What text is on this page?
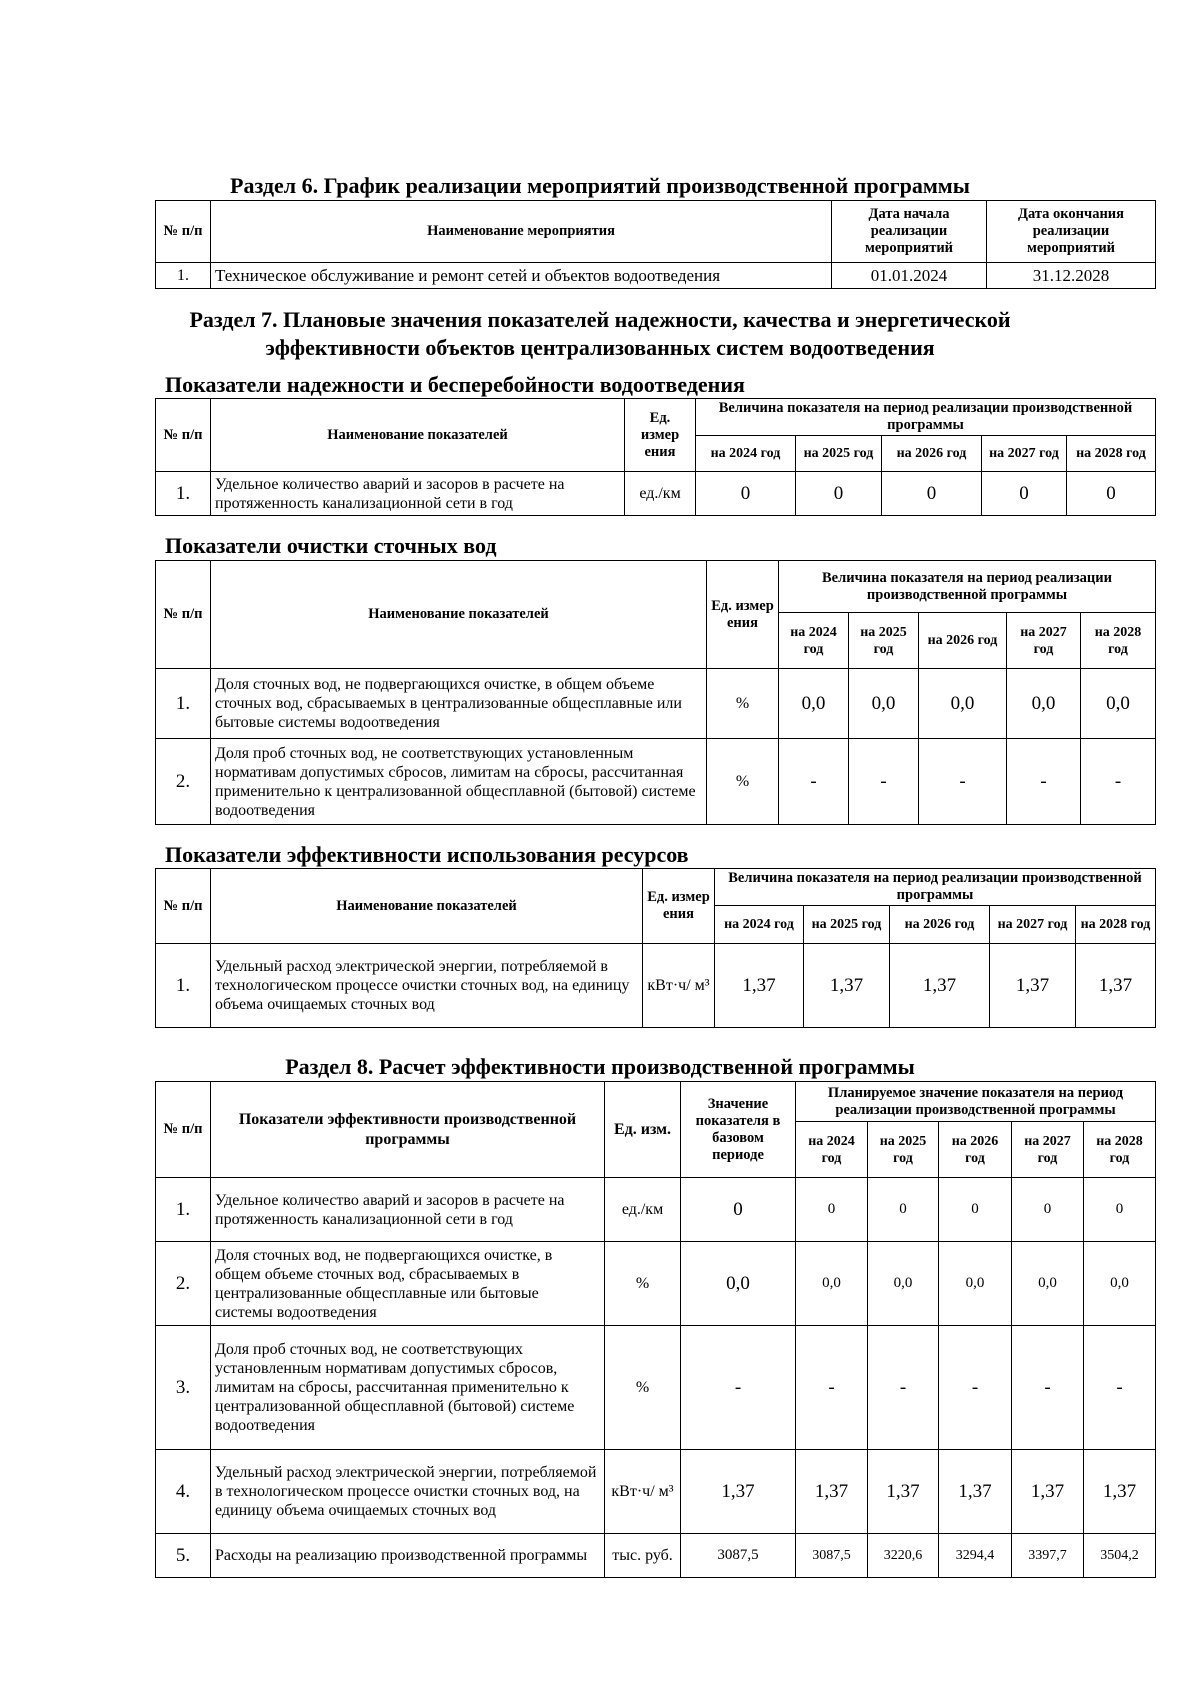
Раздел 6. График реализации мероприятий производственной программы
№ п/п	Наименование мероприятия	Дата начала реализации мероприятий	Дата окончания реализации мероприятий
1.	Техническое обслуживание и ремонт сетей и объектов водоотведения	01.01.2024	31.12.2028
Раздел 7. Плановые значения показателей надежности, качества и энергетической
эффективности объектов централизованных систем водоотведения
Показатели надежности и бесперебойности водоотведения
№ п/п	Наименование показателей	Ед. измер ения	Величина показателя на период реализации производственной программы				
			на 2024 год	на 2025 год	на 2026 год	на 2027 год	на 2028 год
1.	Удельное количество аварий и засоров в расчете на протяженность канализационной сети в год	ед./км	0	0	0	0	0
Показатели очистки сточных вод
№ п/п	Наименование показателей	Ед. измер ения	Величина показателя на период реализации производственной программы				
			на 2024 год	на 2025 год	на 2026 год	на 2027 год	на 2028 год
1.	Доля сточных вод, не подвергающихся очистке, в общем объеме сточных вод, сбрасываемых в централизованные общесплавные или бытовые системы водоотведения	%	0,0	0,0	0,0	0,0	0,0
2.	Доля проб сточных вод, не соответствующих установленным нормативам допустимых сбросов, лимитам на сбросы, рассчитанная применительно к централизованной общесплавной (бытовой) системе водоотведения	%	-	-	-	-	-
Показатели эффективности использования ресурсов
№ п/п	Наименование показателей	Ед. измер ения	Величина показателя на период реализации производственной программы				
			на 2024 год	на 2025 год	на 2026 год	на 2027 год	на 2028 год
1.	Удельный расход электрической энергии, потребляемой в технологическом процессе очистки сточных вод, на единицу объема очищаемых сточных вод	кВт·ч/ м³	1,37	1,37	1,37	1,37	1,37
Раздел 8. Расчет эффективности производственной программы
№ п/п	Показатели эффективности производственной программы	Ед. изм.	Значение показателя в базовом периоде	Планируемое значение показателя на период реализации производственной программы				
				на 2024 год	на 2025 год	на 2026 год	на 2027 год	на 2028 год
1.	Удельное количество аварий и засоров в расчете на протяженность канализационной сети в год	ед./км	0	0	0	0	0	0
2.	Доля сточных вод, не подвергающихся очистке, в общем объеме сточных вод, сбрасываемых в централизованные общесплавные или бытовые системы водоотведения	%	0,0	0,0	0,0	0,0	0,0	0,0
3.	Доля проб сточных вод, не соответствующих установленным нормативам допустимых сбросов, лимитам на сбросы, рассчитанная применительно к централизованной общесплавной (бытовой) системе водоотведения	%	-	-	-	-	-	-
4.	Удельный расход электрической энергии, потребляемой в технологическом процессе очистки сточных вод, на единицу объема очищаемых сточных вод	кВт·ч/ м³	1,37	1,37	1,37	1,37	1,37	1,37
5.	Расходы на реализацию производственной программы	тыс. руб.	3087,5	3087,5	3220,6	3294,4	3397,7	3504,2
